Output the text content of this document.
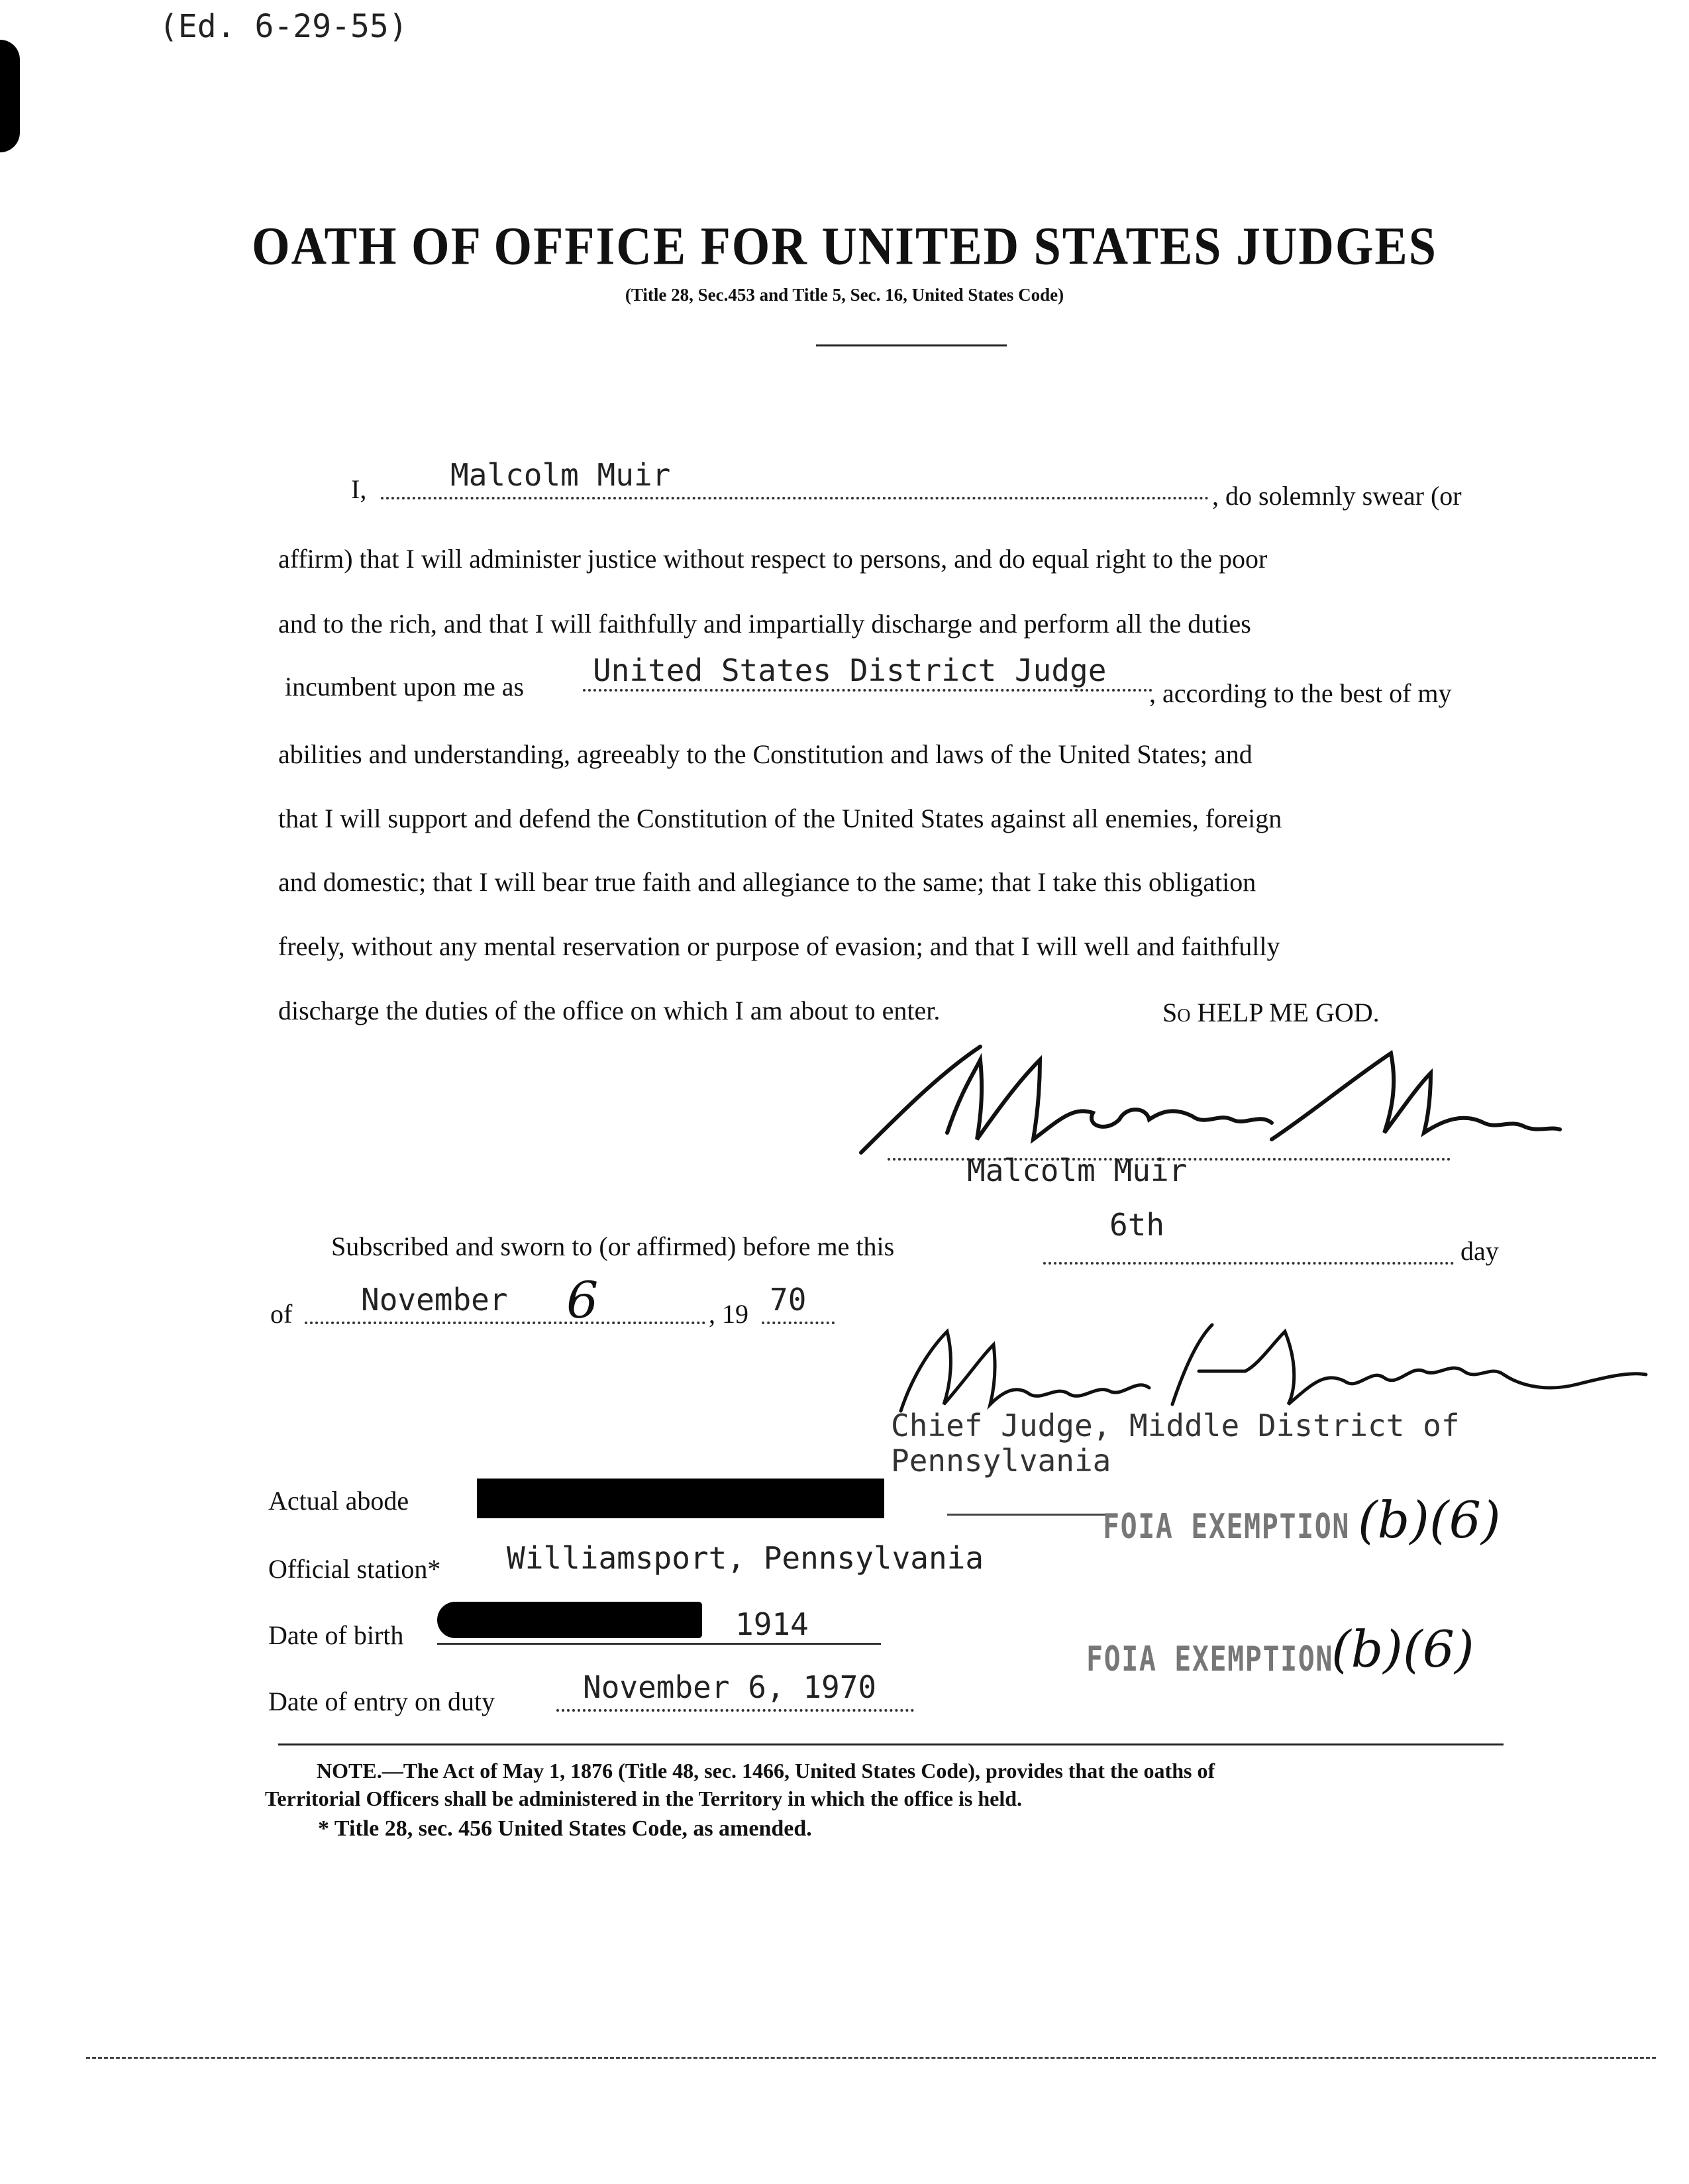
(Ed. 6-29-55)
OATH OF OFFICE FOR UNITED STATES JUDGES
(Title 28, Sec.453 and Title 5, Sec. 16, United States Code)
I,	Malcolm Muir
, do solemnly swear (or
affirm) that I will administer justice without respect to persons, and do equal right to the poor
and to the rich, and that I will faithfully and impartially discharge and perform all the duties
incumbent upon me as United States District Judge
, according to the best of my
abilities and understanding, agreeably to the Constitution and laws of the United States; and
that I will support and defend the Constitution of the United States against all enemies, foreign
and domestic; that I will bear true faith and allegiance to the same; that I take this obligation
freely, without any mental reservation or purpose of evasion; and that I will well and faithfully
discharge the duties of the office on which I am about to enter.	So HELP ME GOD.
Malcolm Muir
Subscribed and sworn to (or affirmed) before me this
6th
day
of November 6	, 19 70
Chief Judge, Middle District of
Pennsylvania
Actual abode
FOIA EXEMPTION (b)(6)
Official station* Williamsport, Pennsylvania
Date of birth	1914
FOIA EXEMPTION
(b)(6)
Date of entry on duty	November 6, 1970
NOTE.—The Act of May 1, 1876 (Title 48, sec. 1466, United States Code), provides that the oaths of
Territorial Officers shall be administered in the Territory in which the office is held.
* Title 28, sec. 456 United States Code, as amended.
